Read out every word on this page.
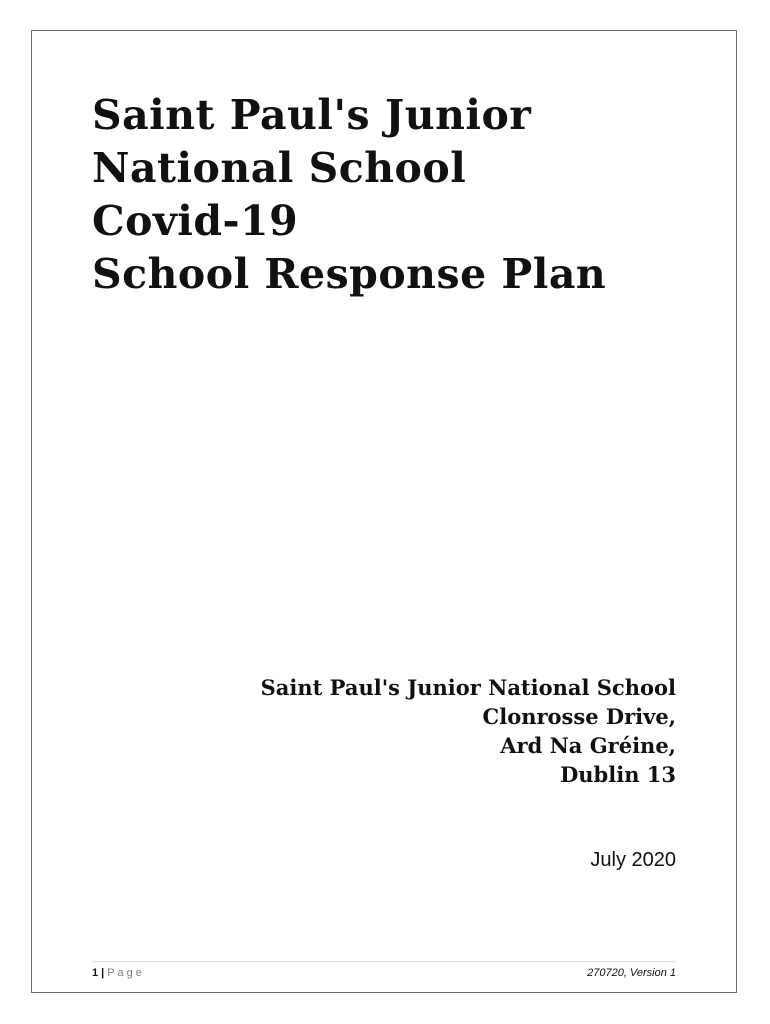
Saint Paul's Junior
National School
Covid-19
School Response Plan
Saint Paul's Junior National School
Clonrosse Drive,
Ard Na Gréine,
Dublin 13
July 2020
1 | Page	270720, Version 1
